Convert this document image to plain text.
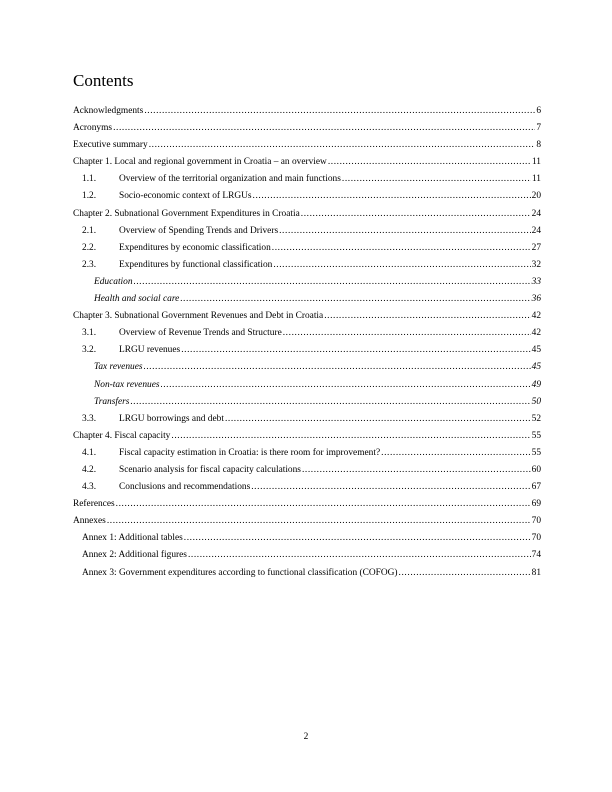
Contents
Acknowledgments .....	6
Acronyms .....	7
Executive summary .....	8
Chapter 1. Local and regional government in Croatia – an overview .....	11
1.1.	Overview of the territorial organization and main functions .....	11
1.2.	Socio-economic context of LRGUs .....	20
Chapter 2. Subnational Government Expenditures in Croatia .....	24
2.1.	Overview of Spending Trends and Drivers .....	24
2.2.	Expenditures by economic classification .....	27
2.3.	Expenditures by functional classification .....	32
Education .....	33
Health and social care .....	36
Chapter 3. Subnational Government Revenues and Debt in Croatia .....	42
3.1.	Overview of Revenue Trends and Structure .....	42
3.2.	LRGU revenues .....	45
Tax revenues .....	45
Non-tax revenues .....	49
Transfers .....	50
3.3.	LRGU borrowings and debt .....	52
Chapter 4. Fiscal capacity .....	55
4.1.	Fiscal capacity estimation in Croatia: is there room for improvement? .....	55
4.2.	Scenario analysis for fiscal capacity calculations .....	60
4.3.	Conclusions and recommendations .....	67
References .....	69
Annexes .....	70
Annex 1: Additional tables .....	70
Annex 2: Additional figures .....	74
Annex 3: Government expenditures according to functional classification (COFOG) .....	81
2
